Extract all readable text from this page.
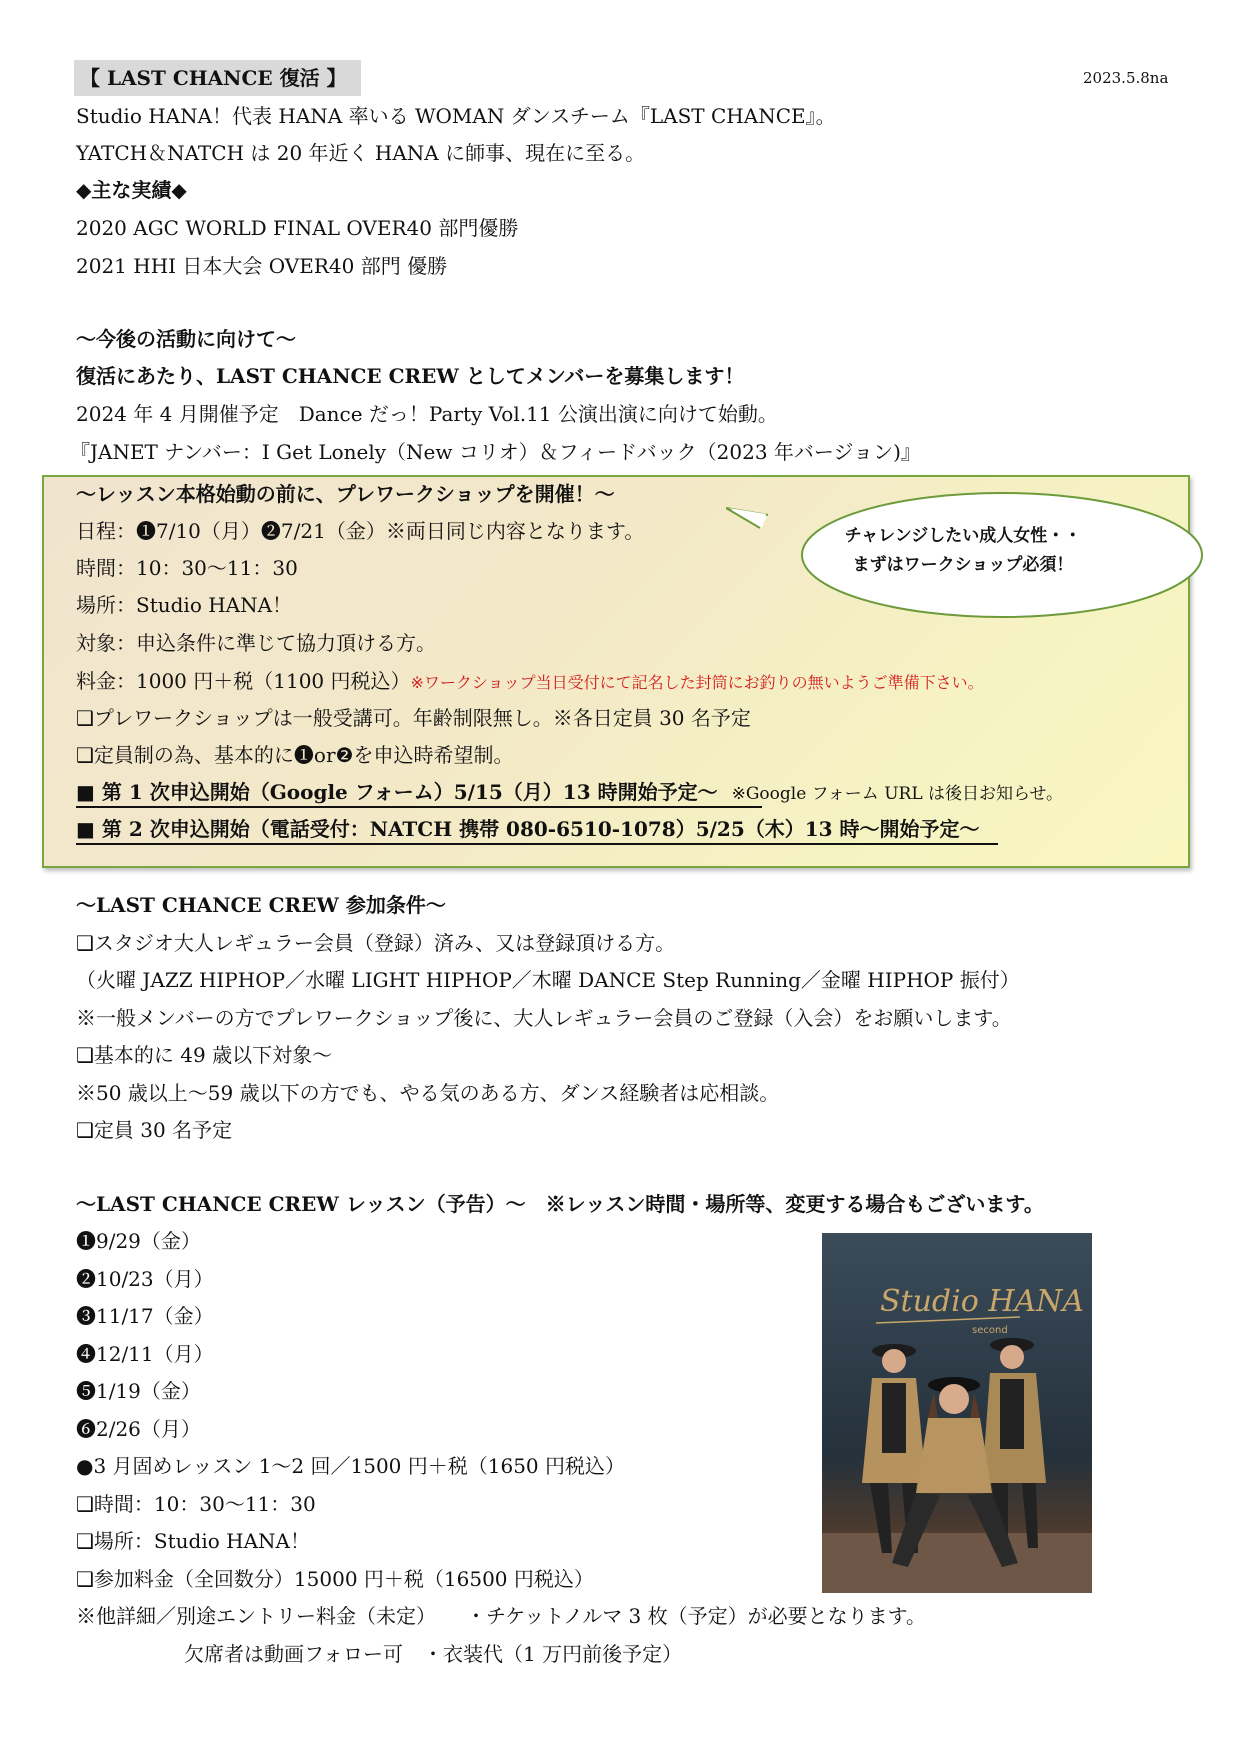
【 LAST CHANCE 復活 】	2023.5.8na
Studio HANA！代表 HANA 率いる WOMAN ダンスチーム『LAST CHANCE』。
YATCH＆NATCH は 20 年近く HANA に師事、現在に至る。
◆主な実績◆
2020 AGC WORLD FINAL OVER40 部門優勝
2021 HHI 日本大会 OVER40 部門 優勝
～今後の活動に向けて～
復活にあたり、LAST CHANCE CREW としてメンバーを募集します！
2024 年 4 月開催予定　Dance だっ！Party Vol.11 公演出演に向けて始動。
『JANET ナンバー：I Get Lonely（New コリオ）＆フィードバック（2023 年バージョン)』
～レッスン本格始動の前に、プレワークショップを開催！～
日程：❶7/10（月）❷7/21（金）※両日同じ内容となります。
時間：10：30～11：30
場所：Studio HANA！
対象：申込条件に準じて協力頂ける方。
料金：1000 円＋税（1100 円税込）※ワークショップ当日受付にて記名した封筒にお釣りの無いようご準備下さい。
❑プレワークショップは一般受講可。年齢制限無し。※各日定員 30 名予定
❑定員制の為、基本的に❶or❷を申込時希望制。
■ 第 1 次申込開始（Google フォーム）5/15（月）13 時開始予定～ ※Google フォーム URL は後日お知らせ。
■ 第 2 次申込開始（電話受付：NATCH 携帯 080-6510-1078）5/25（木）13 時～開始予定～
チャレンジしたい成人女性・・
まずはワークショップ必須！
～LAST CHANCE CREW 参加条件～
❑スタジオ大人レギュラー会員（登録）済み、又は登録頂ける方。
（火曜 JAZZ HIPHOP／水曜 LIGHT HIPHOP／木曜 DANCE Step Running／金曜 HIPHOP 振付）
※一般メンバーの方でプレワークショップ後に、大人レギュラー会員のご登録（入会）をお願いします。
❑基本的に 49 歳以下対象～
※50 歳以上～59 歳以下の方でも、やる気のある方、ダンス経験者は応相談。
❑定員 30 名予定
～LAST CHANCE CREW レッスン（予告）～　※レッスン時間・場所等、変更する場合もございます。
❶9/29（金）
❷10/23（月）
❸11/17（金）
❹12/11（月）
❺1/19（金）
❻2/26（月）
●3 月固めレッスン 1～2 回／1500 円＋税（1650 円税込）
❑時間：10：30～11：30
❑場所：Studio HANA！
❑参加料金（全回数分）15000 円＋税（16500 円税込）
※他詳細／別途エントリー料金（未定）　　・チケットノルマ 3 枚（予定）が必要となります。
欠席者は動画フォロー可　・衣装代（1 万円前後予定）
Studio HANA
second
